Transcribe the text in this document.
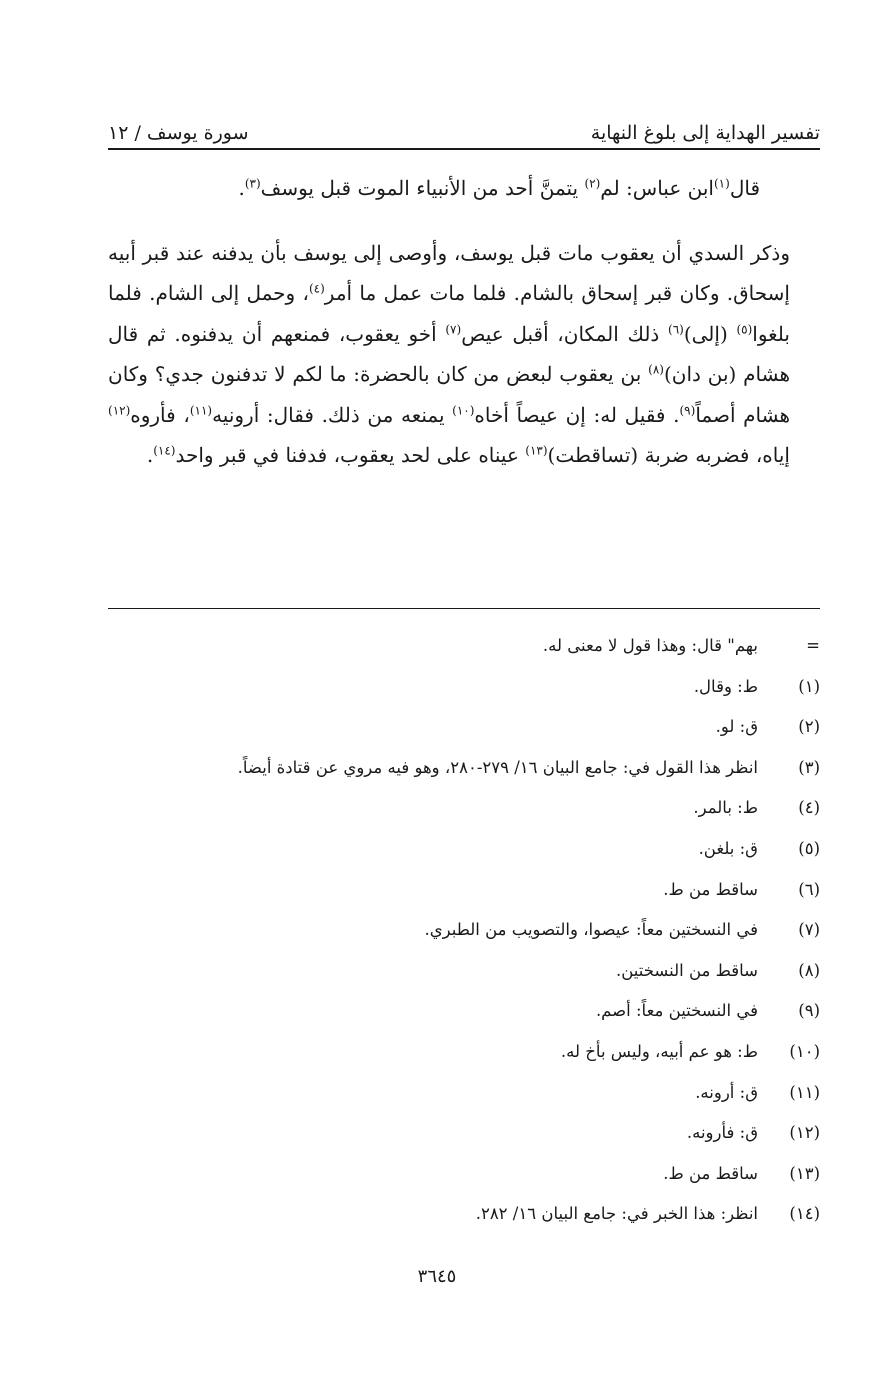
تفسير الهداية إلى بلوغ النهاية
سورة يوسف / ١٢

قال$^{(١)}$ابن عباس: لم$^{(٢)}$ يتمنَّ أحد من الأنبياء الموت قبل يوسف$^{(٣)}$.

وذكر السدي أن يعقوب مات قبل يوسف، وأوصى إلى يوسف بأن يدفنه عند قبر أبيه إسحاق. وكان قبر إسحاق بالشام. فلما مات عمل ما أمر$^{(٤)}$، وحمل إلى الشام. فلما بلغوا$^{(٥)}$ (إلى)$^{(٦)}$ ذلك المكان، أقبل عيص$^{(٧)}$ أخو يعقوب، فمنعهم أن يدفنوه. ثم قال هشام (بن دان)$^{(٨)}$ بن يعقوب لبعض من كان بالحضرة: ما لكم لا تدفنون جدي؟ وكان هشام أصماً$^{(٩)}$. فقيل له: إن عيصاً أخاه$^{(١٠)}$ يمنعه من ذلك. فقال: أرونيه$^{(١١)}$، فأروه$^{(١٢)}$ إياه، فضربه ضربة (تساقطت)$^{(١٣)}$ عيناه على لحد يعقوب، فدفنا في قبر واحد$^{(١٤)}$.

=
بهم" قال: وهذا قول لا معنى له.
(١)
ط: وقال.
(٢)
ق: لو.
(٣)
انظر هذا القول في: جامع البيان ١٦/ ٢٧٩-٢٨٠، وهو فيه مروي عن قتادة أيضاً.
(٤)
ط: بالمر.
(٥)
ق: بلغن.
(٦)
ساقط من ط.
(٧)
في النسختين معاً: عيصوا، والتصويب من الطبري.
(٨)
ساقط من النسختين.
(٩)
في النسختين معاً: أصم.
(١٠)
ط: هو عم أبيه، وليس بأخ له.
(١١)
ق: أرونه.
(١٢)
ق: فأرونه.
(١٣)
ساقط من ط.
(١٤)
انظر: هذا الخبر في: جامع البيان ١٦/ ٢٨٢.
٣٦٤٥
